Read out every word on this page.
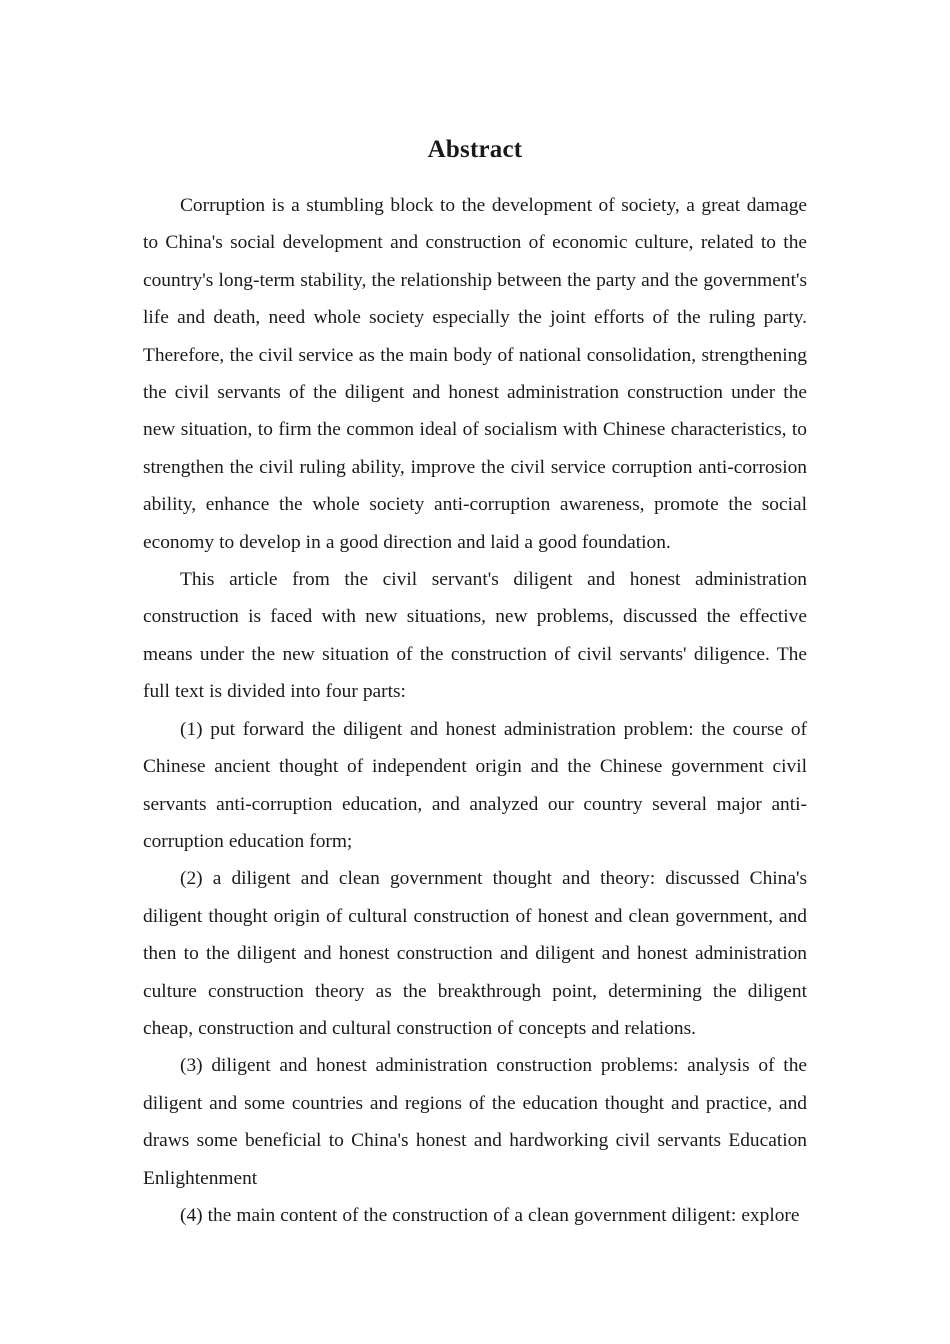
Abstract

Corruption is a stumbling block to the development of society, a great damage to China's social development and construction of economic culture, related to the country's long-term stability, the relationship between the party and the government's life and death, need whole society especially the joint efforts of the ruling party. Therefore, the civil service as the main body of national consolidation, strengthening the civil servants of the diligent and honest administration construction under the new situation, to firm the common ideal of socialism with Chinese characteristics, to strengthen the civil ruling ability, improve the civil service corruption anti-corrosion ability, enhance the whole society anti-corruption awareness, promote the social economy to develop in a good direction and laid a good foundation.

This article from the civil servant's diligent and honest administration construction is faced with new situations, new problems, discussed the effective means under the new situation of the construction of civil servants' diligence. The full text is divided into four parts:

(1) put forward the diligent and honest administration problem: the course of Chinese ancient thought of independent origin and the Chinese government civil servants anti-corruption education, and analyzed our country several major anti-corruption education form;

(2) a diligent and clean government thought and theory: discussed China's diligent thought origin of cultural construction of honest and clean government, and then to the diligent and honest construction and diligent and honest administration culture construction theory as the breakthrough point, determining the diligent cheap, construction and cultural construction of concepts and relations.

(3) diligent and honest administration construction problems: analysis of the diligent and some countries and regions of the education thought and practice, and draws some beneficial to China's honest and hardworking civil servants Education Enlightenment

(4) the main content of the construction of a clean government diligent: explore
